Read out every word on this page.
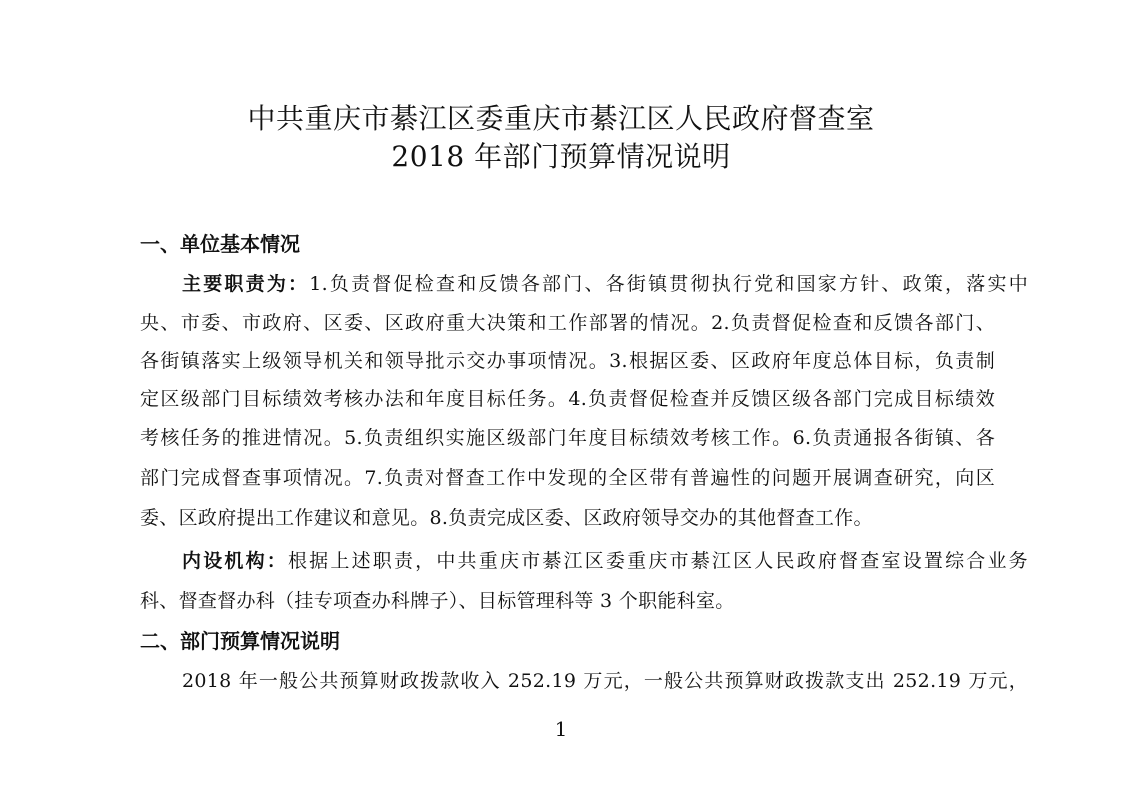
中共重庆市綦江区委重庆市綦江区人民政府督查室
2018 年部门预算情况说明
一、单位基本情况
主要职责为：1.负责督促检查和反馈各部门、各街镇贯彻执行党和国家方针、政策，落实中
央、市委、市政府、区委、区政府重大决策和工作部署的情况。2.负责督促检查和反馈各部门、
各街镇落实上级领导机关和领导批示交办事项情况。3.根据区委、区政府年度总体目标，负责制
定区级部门目标绩效考核办法和年度目标任务。4.负责督促检查并反馈区级各部门完成目标绩效
考核任务的推进情况。5.负责组织实施区级部门年度目标绩效考核工作。6.负责通报各街镇、各
部门完成督查事项情况。7.负责对督查工作中发现的全区带有普遍性的问题开展调查研究，向区
委、区政府提出工作建议和意见。8.负责完成区委、区政府领导交办的其他督查工作。
内设机构：根据上述职责，中共重庆市綦江区委重庆市綦江区人民政府督查室设置综合业务
科、督查督办科（挂专项查办科牌子）、目标管理科等 3 个职能科室。
二、部门预算情况说明
2018 年一般公共预算财政拨款收入 252.19 万元，一般公共预算财政拨款支出 252.19 万元，
1
